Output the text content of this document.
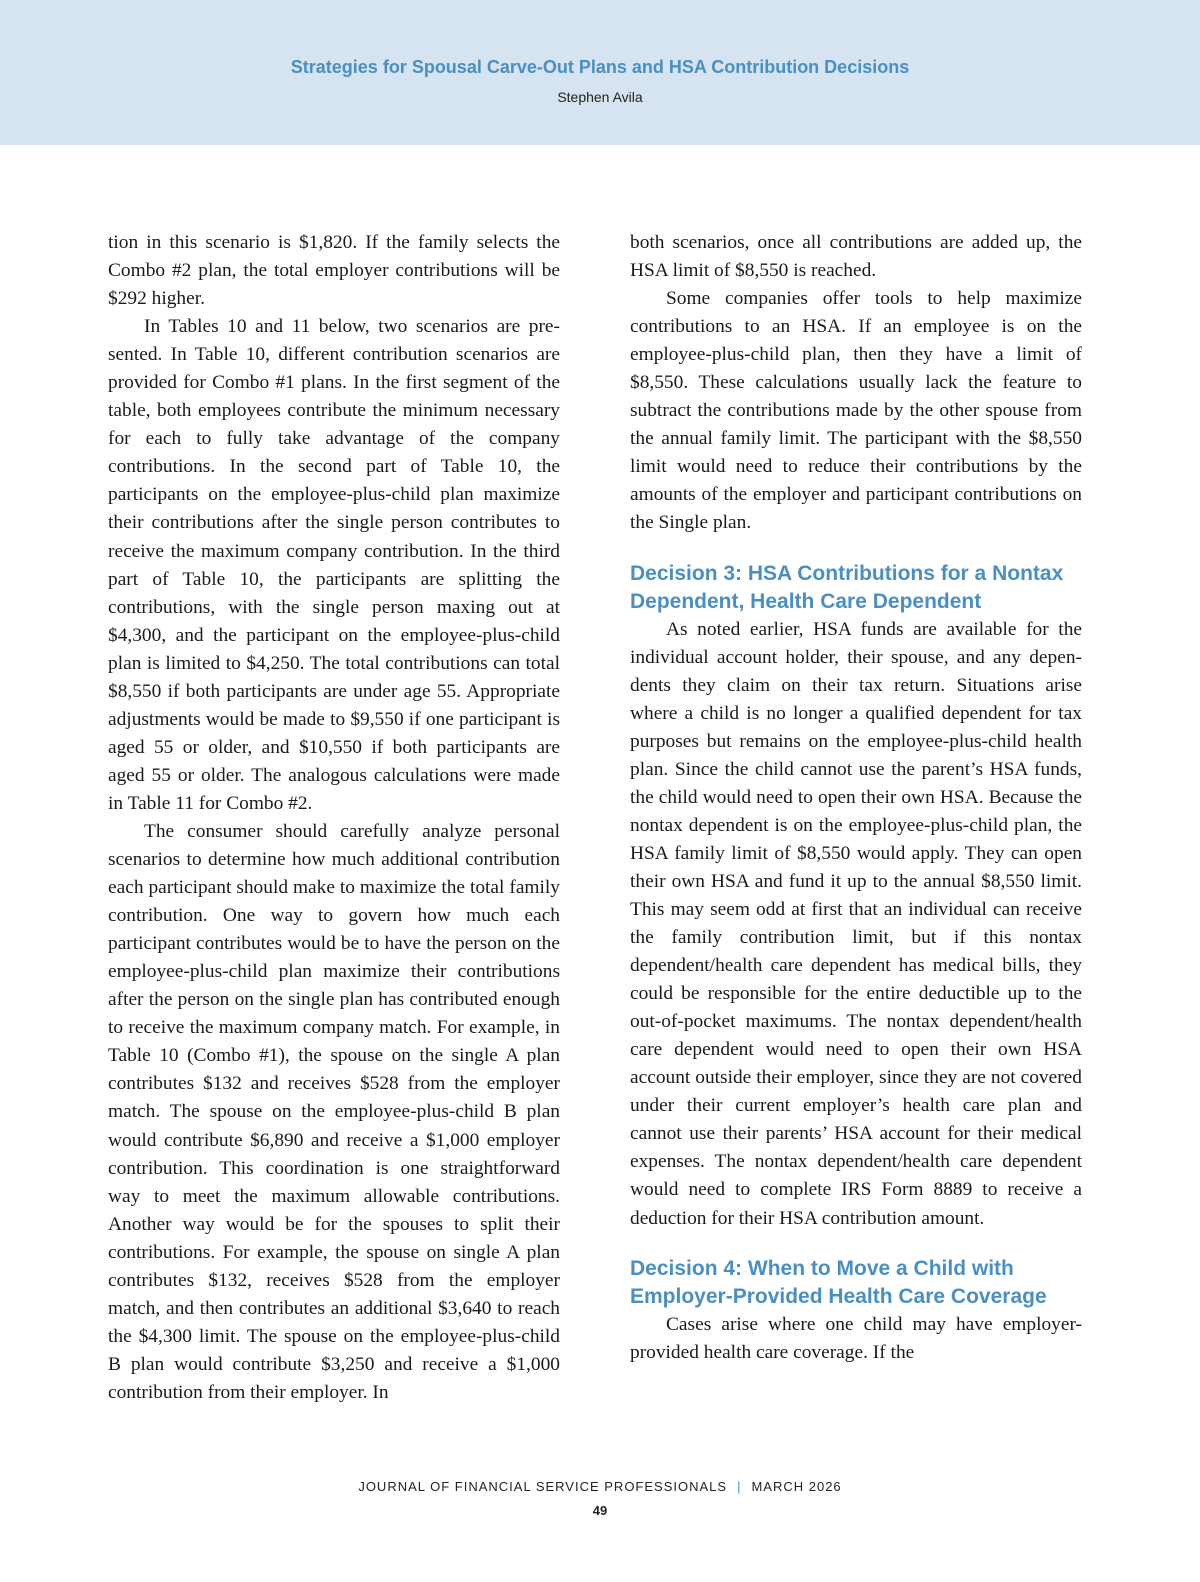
Strategies for Spousal Carve-Out Plans and HSA Contribution Decisions
Stephen Avila

tion in this scenario is $1,820. If the family selects the Combo #2 plan, the total employer contributions will be $292 higher.

In Tables 10 and 11 below, two scenarios are presented. In Table 10, different contribution scenarios are provided for Combo #1 plans. In the first segment of the table, both employees contribute the minimum necessary for each to fully take advantage of the company contributions. In the second part of Table 10, the participants on the employee-plus-child plan maximize their contributions after the single person contributes to receive the maximum company contribution. In the third part of Table 10, the participants are splitting the contributions, with the single person maxing out at $4,300, and the participant on the employee-plus-child plan is limited to $4,250. The total contributions can total $8,550 if both participants are under age 55. Appropriate adjustments would be made to $9,550 if one participant is aged 55 or older, and $10,550 if both participants are aged 55 or older. The analogous calculations were made in Table 11 for Combo #2.

The consumer should carefully analyze personal scenarios to determine how much additional contribution each participant should make to maximize the total family contribution. One way to govern how much each participant contributes would be to have the person on the employee-plus-child plan maximize their contributions after the person on the single plan has contributed enough to receive the maximum company match. For example, in Table 10 (Combo #1), the spouse on the single A plan contributes $132 and receives $528 from the employer match. The spouse on the employee-plus-child B plan would contribute $6,890 and receive a $1,000 employer contribution. This coordination is one straightforward way to meet the maximum allowable contributions. Another way would be for the spouses to split their contributions. For example, the spouse on single A plan contributes $132, receives $528 from the employer match, and then contributes an additional $3,640 to reach the $4,300 limit. The spouse on the employee-plus-child B plan would contribute $3,250 and receive a $1,000 contribution from their employer. In

both scenarios, once all contributions are added up, the HSA limit of $8,550 is reached.

Some companies offer tools to help maximize contributions to an HSA. If an employee is on the employee-plus-child plan, then they have a limit of $8,550. These calculations usually lack the feature to subtract the contributions made by the other spouse from the annual family limit. The participant with the $8,550 limit would need to reduce their contributions by the amounts of the employer and participant contributions on the Single plan.

Decision 3: HSA Contributions for a Nontax Dependent, Health Care Dependent

As noted earlier, HSA funds are available for the individual account holder, their spouse, and any dependents they claim on their tax return. Situations arise where a child is no longer a qualified dependent for tax purposes but remains on the employee-plus-child health plan. Since the child cannot use the parent’s HSA funds, the child would need to open their own HSA. Because the nontax dependent is on the employee-plus-child plan, the HSA family limit of $8,550 would apply. They can open their own HSA and fund it up to the annual $8,550 limit. This may seem odd at first that an individual can receive the family contribution limit, but if this nontax dependent/health care dependent has medical bills, they could be responsible for the entire deductible up to the out-of-pocket maximums. The nontax dependent/health care dependent would need to open their own HSA account outside their employer, since they are not covered under their current employer’s health care plan and cannot use their parents’ HSA account for their medical expenses. The nontax dependent/health care dependent would need to complete IRS Form 8889 to receive a deduction for their HSA contribution amount.

Decision 4: When to Move a Child with Employer-Provided Health Care Coverage

Cases arise where one child may have employer-provided health care coverage. If the

JOURNAL OF FINANCIAL SERVICE PROFESSIONALS | MARCH 2026
49
